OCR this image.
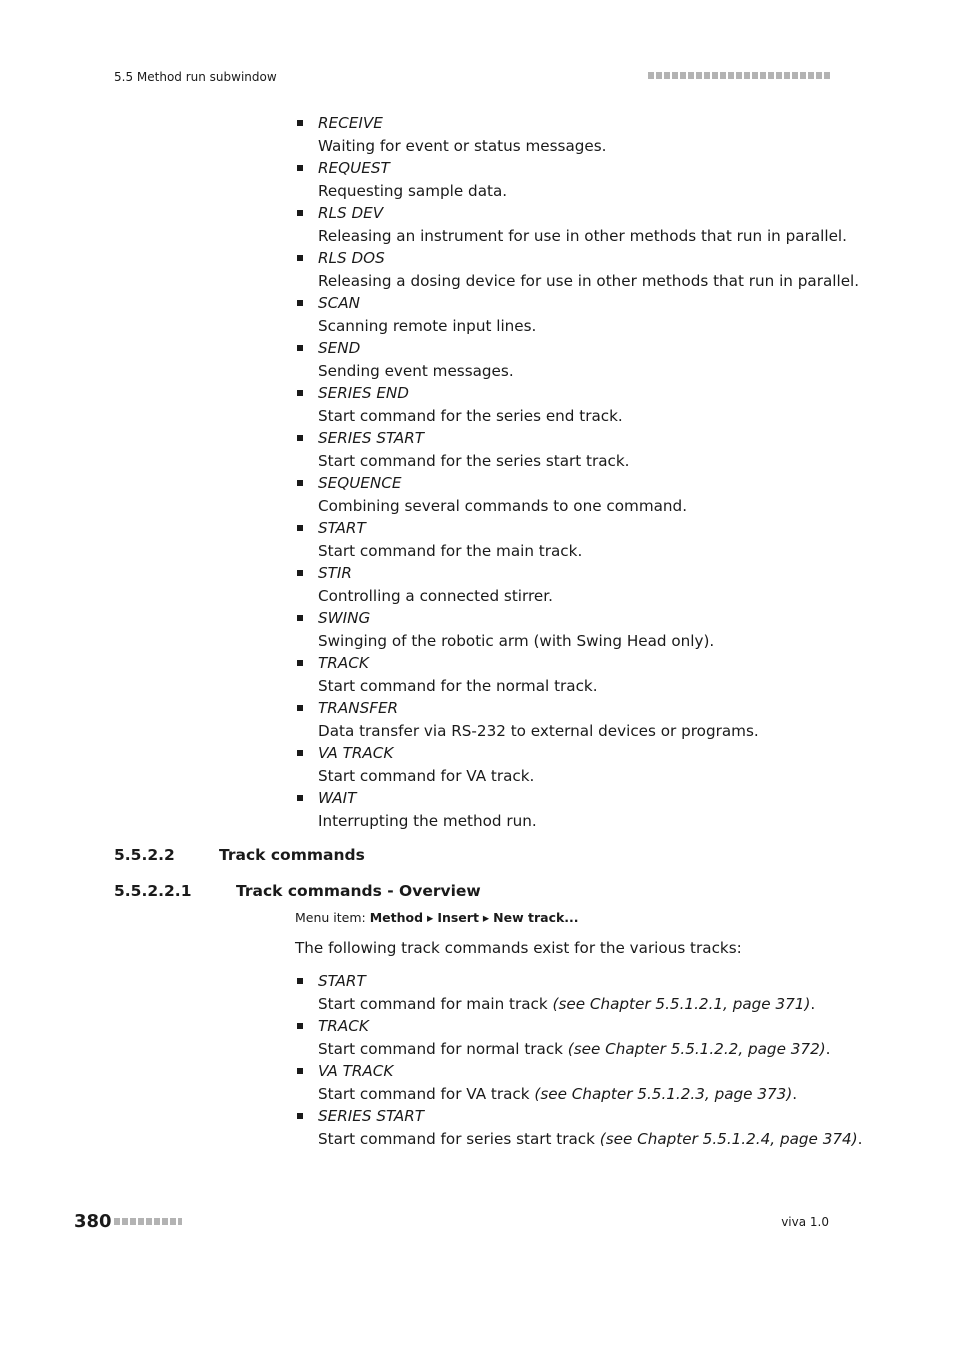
5.5 Method run subwindow
RECEIVE
Waiting for event or status messages.
REQUEST
Requesting sample data.
RLS DEV
Releasing an instrument for use in other methods that run in parallel.
RLS DOS
Releasing a dosing device for use in other methods that run in parallel.
SCAN
Scanning remote input lines.
SEND
Sending event messages.
SERIES END
Start command for the series end track.
SERIES START
Start command for the series start track.
SEQUENCE
Combining several commands to one command.
START
Start command for the main track.
STIR
Controlling a connected stirrer.
SWING
Swinging of the robotic arm (with Swing Head only).
TRACK
Start command for the normal track.
TRANSFER
Data transfer via RS-232 to external devices or programs.
VA TRACK
Start command for VA track.
WAIT
Interrupting the method run.
5.5.2.2	Track commands
5.5.2.2.1	Track commands - Overview
Menu item: Method ▸ Insert ▸ New track...
The following track commands exist for the various tracks:
START
Start command for main track (see Chapter 5.5.1.2.1, page 371).
TRACK
Start command for normal track (see Chapter 5.5.1.2.2, page 372).
VA TRACK
Start command for VA track (see Chapter 5.5.1.2.3, page 373).
SERIES START
Start command for series start track (see Chapter 5.5.1.2.4, page 374).
380	viva 1.0
